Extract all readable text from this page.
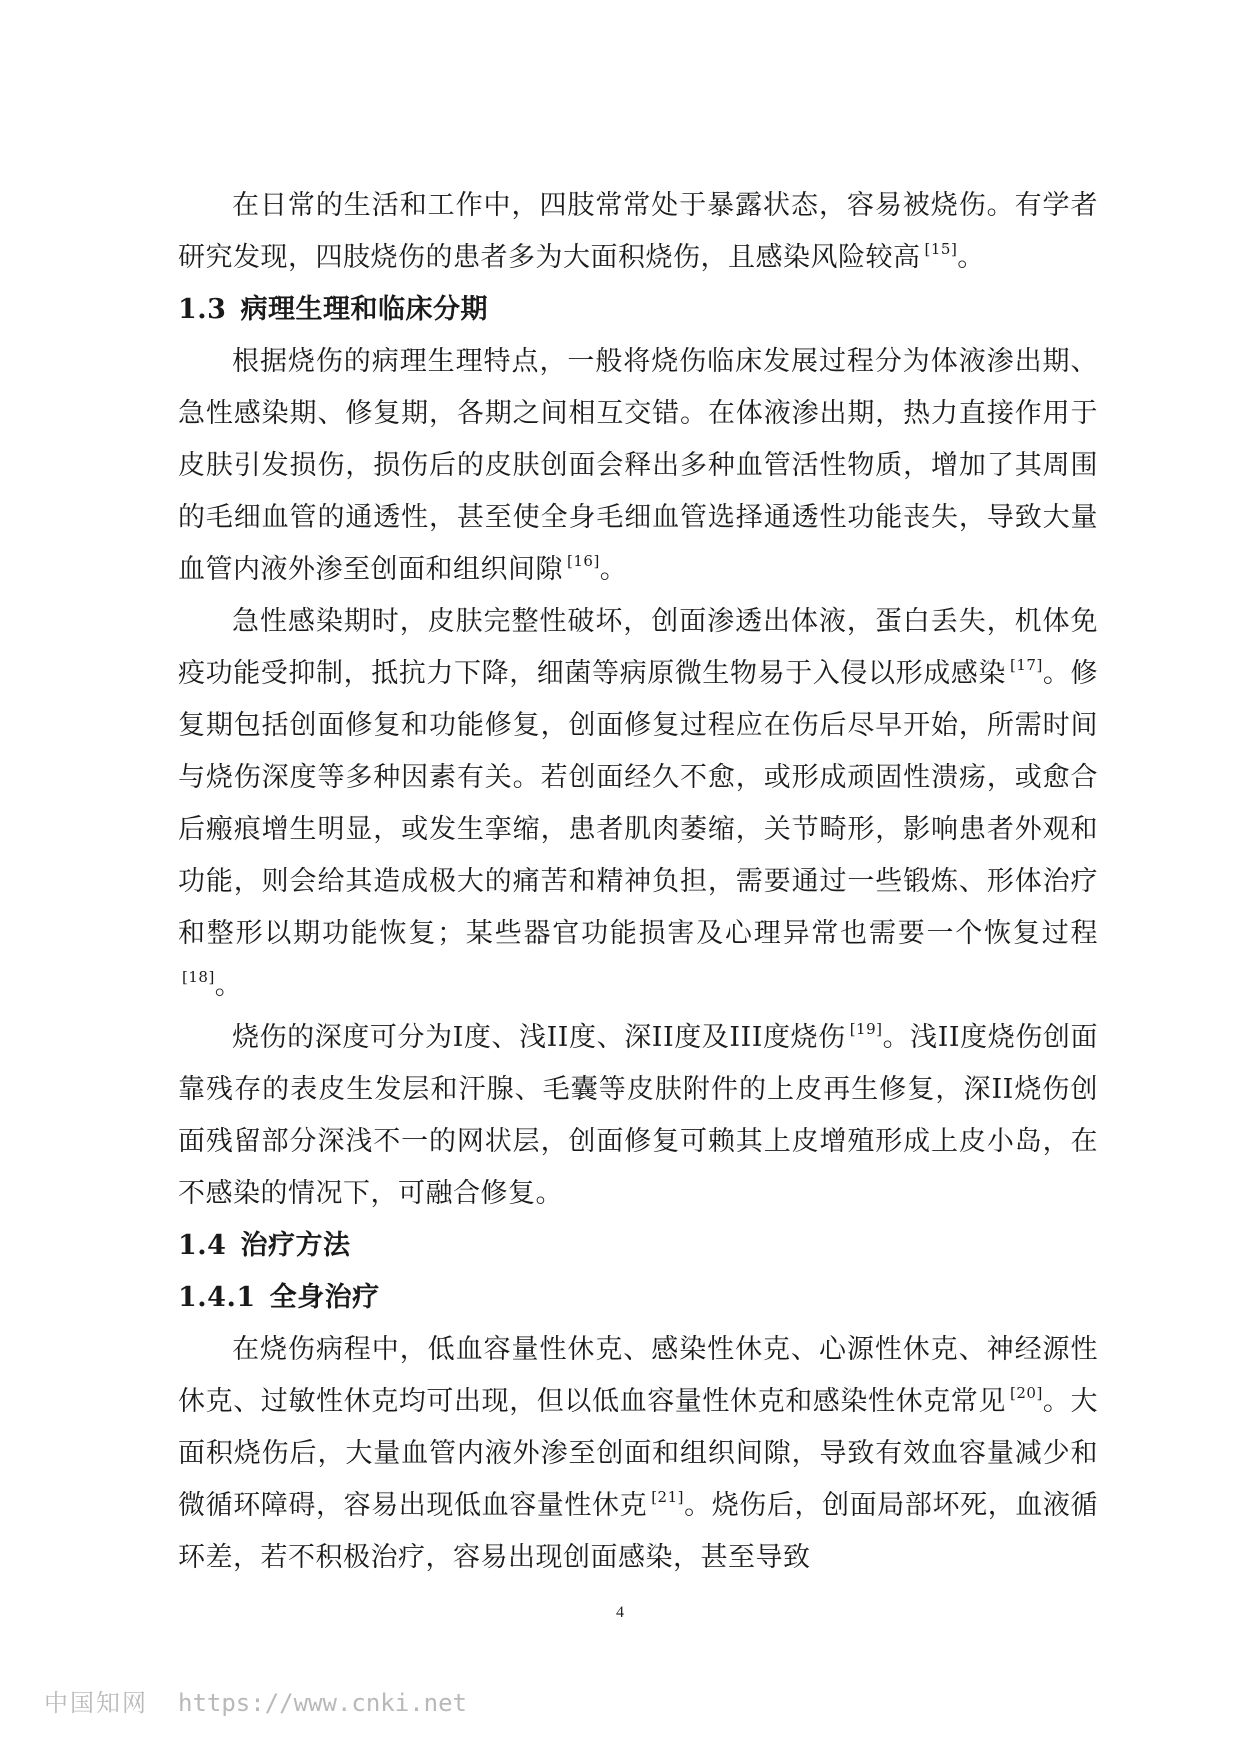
在日常的生活和工作中，四肢常常处于暴露状态，容易被烧伤。有学者研究发现，四肢烧伤的患者多为大面积烧伤，且感染风险较高 [15]。

1.3 病理生理和临床分期

根据烧伤的病理生理特点，一般将烧伤临床发展过程分为体液渗出期、急性感染期、修复期，各期之间相互交错。在体液渗出期，热力直接作用于皮肤引发损伤，损伤后的皮肤创面会释出多种血管活性物质，增加了其周围的毛细血管的通透性，甚至使全身毛细血管选择通透性功能丧失，导致大量血管内液外渗至创面和组织间隙 [16]。

急性感染期时，皮肤完整性破坏，创面渗透出体液，蛋白丢失，机体免疫功能受抑制，抵抗力下降，细菌等病原微生物易于入侵以形成感染 [17]。修复期包括创面修复和功能修复，创面修复过程应在伤后尽早开始，所需时间与烧伤深度等多种因素有关。若创面经久不愈，或形成顽固性溃疡，或愈合后瘢痕增生明显，或发生挛缩，患者肌肉萎缩，关节畸形，影响患者外观和功能，则会给其造成极大的痛苦和精神负担，需要通过一些锻炼、形体治疗和整形以期功能恢复；某些器官功能损害及心理异常也需要一个恢复过程[18]。

烧伤的深度可分为I度、浅II度、深II度及III度烧伤 [19]。浅II度烧伤创面靠残存的表皮生发层和汗腺、毛囊等皮肤附件的上皮再生修复，深II烧伤创面残留部分深浅不一的网状层，创面修复可赖其上皮增殖形成上皮小岛，在不感染的情况下，可融合修复。

1.4 治疗方法
1.4.1 全身治疗

在烧伤病程中，低血容量性休克、感染性休克、心源性休克、神经源性休克、过敏性休克均可出现，但以低血容量性休克和感染性休克常见 [20]。大面积烧伤后，大量血管内液外渗至创面和组织间隙，导致有效血容量减少和微循环障碍，容易出现低血容量性休克 [21]。烧伤后，创面局部坏死，血液循环差，若不积极治疗，容易出现创面感染，甚至导致

4
中国知网 https://www.cnki.net
